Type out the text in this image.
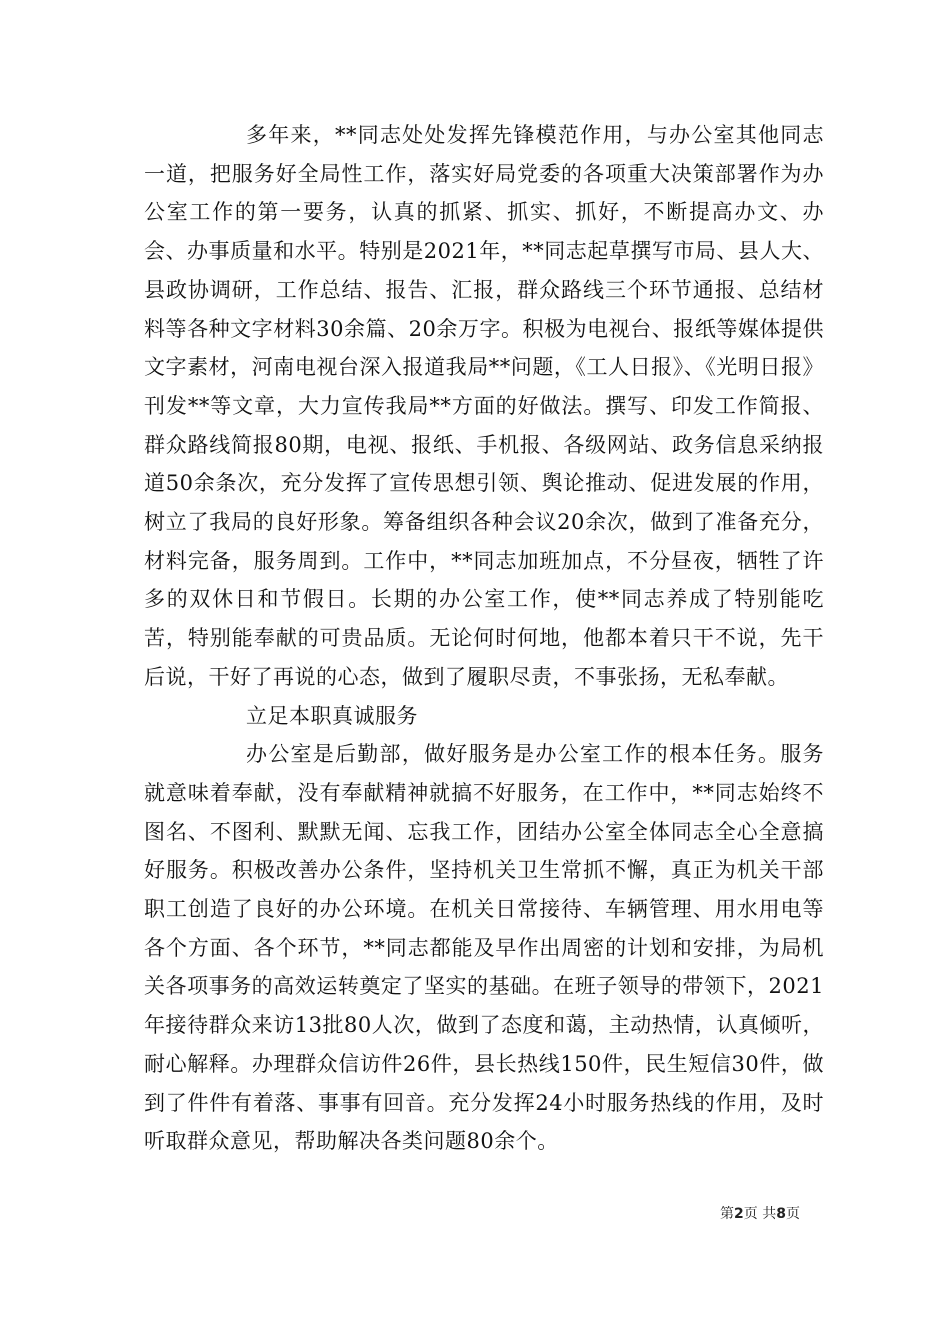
多年来，**同志处处发挥先锋模范作用，与办公室其他同志一道，把服务好全局性工作，落实好局党委的各项重大决策部署作为办公室工作的第一要务，认真的抓紧、抓实、抓好，不断提高办文、办会、办事质量和水平。特别是2021年，**同志起草撰写市局、县人大、县政协调研，工作总结、报告、汇报，群众路线三个环节通报、总结材料等各种文字材料30余篇、20余万字。积极为电视台、报纸等媒体提供文字素材，河南电视台深入报道我局**问题，《工人日报》、《光明日报》刊发**等文章，大力宣传我局**方面的好做法。撰写、印发工作简报、群众路线简报80期，电视、报纸、手机报、各级网站、政务信息采纳报道50余条次，充分发挥了宣传思想引领、舆论推动、促进发展的作用，树立了我局的良好形象。筹备组织各种会议20余次，做到了准备充分，材料完备，服务周到。工作中，**同志加班加点，不分昼夜，牺牲了许多的双休日和节假日。长期的办公室工作，使**同志养成了特别能吃苦，特别能奉献的可贵品质。无论何时何地，他都本着只干不说，先干后说，干好了再说的心态，做到了履职尽责，不事张扬，无私奉献。

立足本职真诚服务

办公室是后勤部，做好服务是办公室工作的根本任务。服务就意味着奉献，没有奉献精神就搞不好服务，在工作中，**同志始终不图名、不图利、默默无闻、忘我工作，团结办公室全体同志全心全意搞好服务。积极改善办公条件，坚持机关卫生常抓不懈，真正为机关干部职工创造了良好的办公环境。在机关日常接待、车辆管理、用水用电等各个方面、各个环节，**同志都能及早作出周密的计划和安排，为局机关各项事务的高效运转奠定了坚实的基础。在班子领导的带领下，2021年接待群众来访13批80人次，做到了态度和蔼，主动热情，认真倾听，耐心解释。办理群众信访件26件，县长热线150件，民生短信30件，做到了件件有着落、事事有回音。充分发挥24小时服务热线的作用，及时听取群众意见，帮助解决各类问题80余个。

第2页 共8页
